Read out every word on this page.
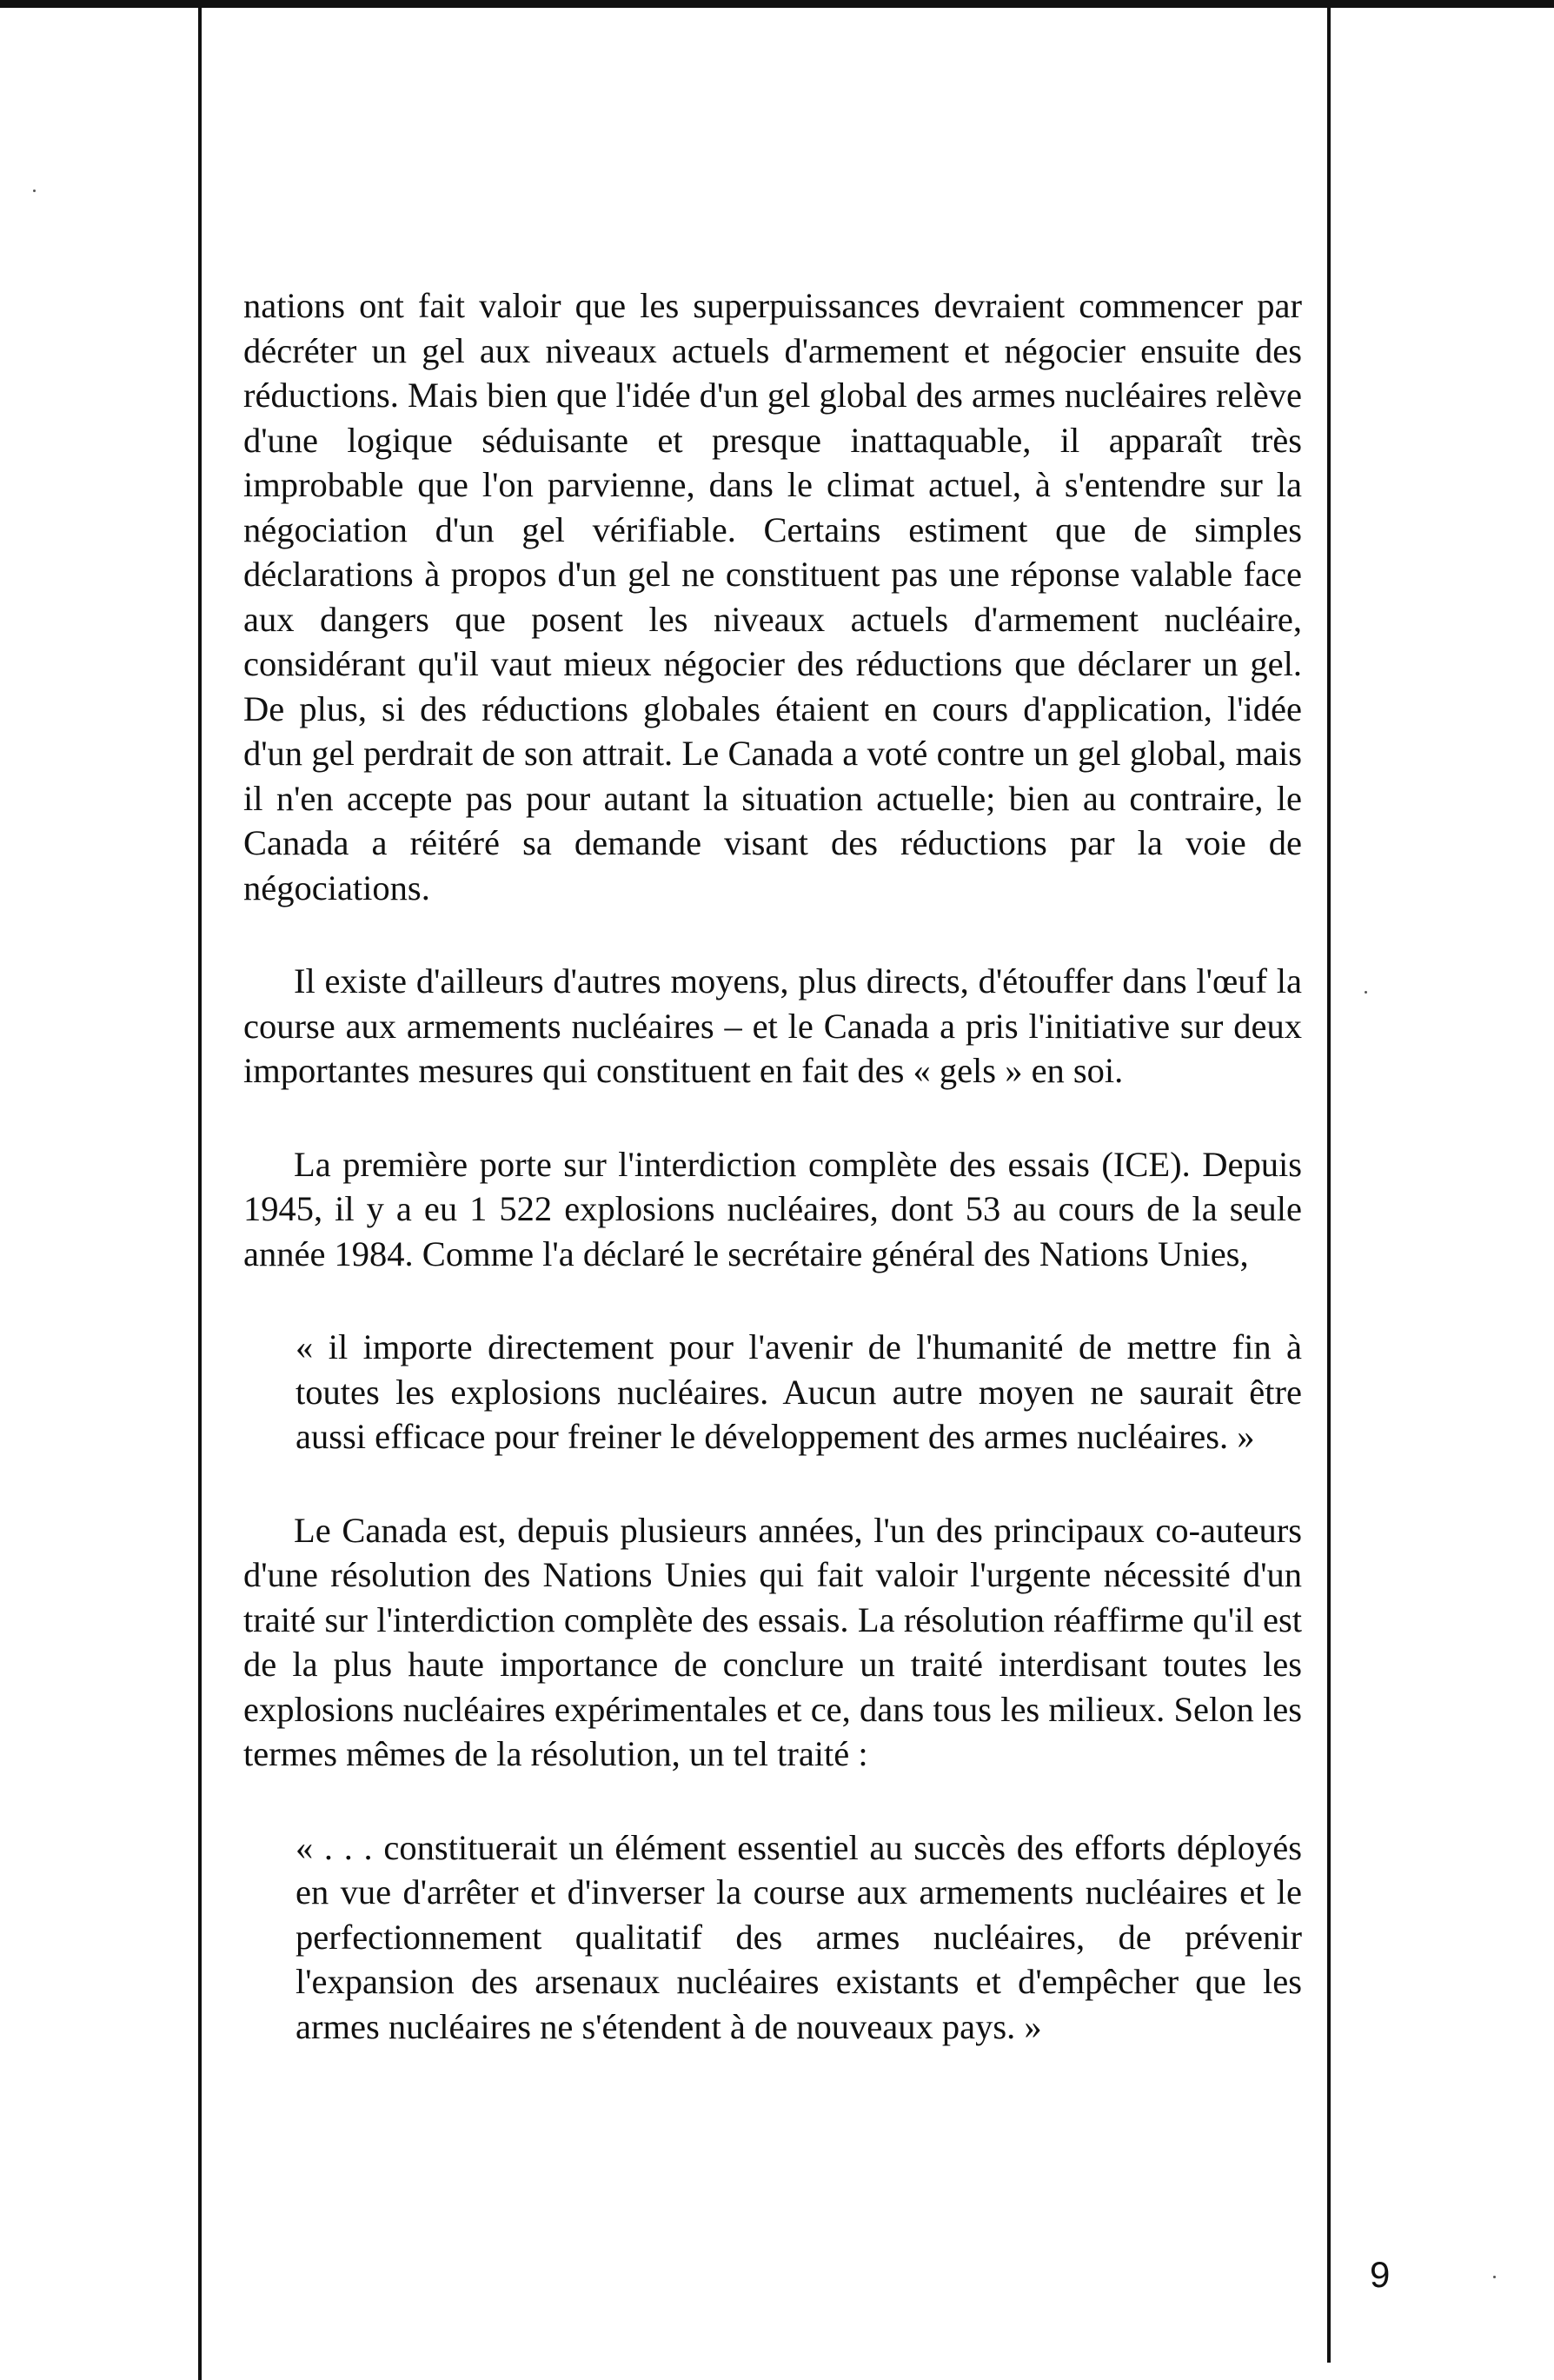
nations ont fait valoir que les superpuissances devraient commencer par décréter un gel aux niveaux actuels d'armement et négocier ensuite des réductions. Mais bien que l'idée d'un gel global des armes nucléaires relève d'une logique séduisante et presque inattaquable, il apparaît très improbable que l'on parvienne, dans le climat actuel, à s'entendre sur la négociation d'un gel vérifiable. Certains estiment que de simples déclarations à propos d'un gel ne constituent pas une réponse valable face aux dangers que posent les niveaux actuels d'armement nucléaire, considérant qu'il vaut mieux négocier des réductions que déclarer un gel. De plus, si des réductions globales étaient en cours d'application, l'idée d'un gel perdrait de son attrait. Le Canada a voté contre un gel global, mais il n'en accepte pas pour autant la situation actuelle; bien au contraire, le Canada a réitéré sa demande visant des réductions par la voie de négociations.

Il existe d'ailleurs d'autres moyens, plus directs, d'étouffer dans l'œuf la course aux armements nucléaires – et le Canada a pris l'initiative sur deux importantes mesures qui constituent en fait des « gels » en soi.

La première porte sur l'interdiction complète des essais (ICE). Depuis 1945, il y a eu 1 522 explosions nucléaires, dont 53 au cours de la seule année 1984. Comme l'a déclaré le secrétaire général des Nations Unies,

« il importe directement pour l'avenir de l'humanité de mettre fin à toutes les explosions nucléaires. Aucun autre moyen ne saurait être aussi efficace pour freiner le développement des armes nucléaires. »

Le Canada est, depuis plusieurs années, l'un des principaux co-auteurs d'une résolution des Nations Unies qui fait valoir l'urgente nécessité d'un traité sur l'interdiction complète des essais. La résolution réaffirme qu'il est de la plus haute importance de conclure un traité interdisant toutes les explosions nucléaires expérimentales et ce, dans tous les milieux. Selon les termes mêmes de la résolution, un tel traité :

« . . . constituerait un élément essentiel au succès des efforts déployés en vue d'arrêter et d'inverser la course aux armements nucléaires et le perfectionnement qualitatif des armes nucléaires, de prévenir l'expansion des arsenaux nucléaires existants et d'empêcher que les armes nucléaires ne s'étendent à de nouveaux pays. »

9
